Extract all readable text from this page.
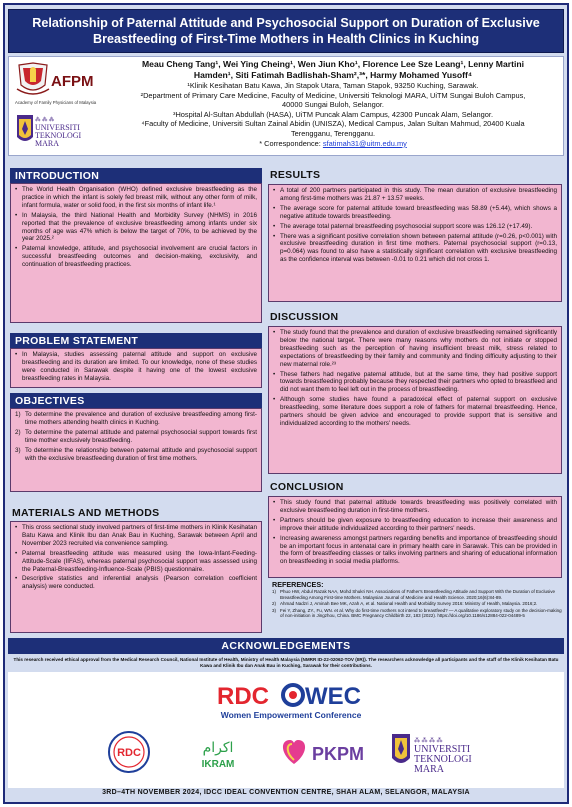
Relationship of Paternal Attitude and Psychosocial Support on Duration of Exclusive
Breastfeeding of First-Time Mothers in Health Clinics in Kuching
AFPM
Academy of Family Physicians of Malaysia
⁂ ⁂ ⁂
UNIVERSITI
TEKNOLOGI
MARA
Meau Cheng Tang¹, Wei Ying Cheing¹, Wen Jiun Kho¹, Florence Lee Sze Leang¹, Lenny Martini
Hamden¹, Siti Fatimah Badlishah-Sham²,³*, Harmy Mohamed Yusoff⁴
¹Klinik Kesihatan Batu Kawa, Jin Stapok Utara, Taman Stapok, 93250 Kuching, Sarawak.
²Department of Primary Care Medicine, Faculty of Medicine, Universiti Teknologi MARA, UiTM Sungai Buloh Campus,
40000 Sungai Buloh, Selangor.
³Hospital Al-Sultan Abdullah (HASA), UiTM Puncak Alam Campus, 42300 Puncak Alam, Selangor.
⁴Faculty of Medicine, Universiti Sultan Zainal Abidin (UNISZA), Medical Campus, Jalan Sultan Mahmud, 20400 Kuala
Terengganu, Terengganu.
* Correspondence: sfatimah31@uitm.edu.my
INTRODUCTION
• The World Health Organisation (WHO) defined exclusive breastfeeding as the practice in which the infant is solely fed breast milk, without any other form of milk, infant formula, water or solid food, in the first six months of infant life.¹
• In Malaysia, the third National Health and Morbidity Survey (NHMS) in 2016 reported that the prevalence of exclusive breastfeeding among infants under six months of age was 47% which is below the target of 70%, to be achieved by the year 2025.²
• Paternal knowledge, attitude, and psychosocial involvement are crucial factors in successful breastfeeding outcomes and decision-making, exclusivity, and continuation of breastfeeding practices.
PROBLEM STATEMENT
• In Malaysia, studies assessing paternal attitude and support on exclusive breastfeeding and its duration are limited. To our knowledge, none of these studies were conducted in Sarawak despite it having one of the lowest exclusive breastfeeding rates in Malaysia.
OBJECTIVES
1) To determine the prevalence and duration of exclusive breastfeeding among first-time mothers attending health clinics in Kuching.
2) To determine the paternal attitude and paternal psychosocial support towards first time mother exclusively breastfeeding.
3) To determine the relationship between paternal attitude and psychosocial support with the exclusive breastfeeding duration of first time mothers.
MATERIALS AND METHODS
• This cross sectional study involved partners of first-time mothers in Klinik Kesihatan Batu Kawa and Klinik Ibu dan Anak Bau in Kuching, Sarawak between April and November 2023 recruited via convenience sampling.
• Paternal breastfeeding attitude was measured using the Iowa-Infant-Feeding-Attitude-Scale (IIFAS), whereas paternal psychosocial support was assessed using the Paternal-Breastfeeding-Influence-Scale (PBIS) questionnaire.
• Descriptive statistics and inferential analysis (Pearson correlation coefficient analysis) were conducted.
RESULTS
• A total of 200 partners participated in this study. The mean duration of exclusive breastfeeding among first-time mothers was 21.87 + 13.57 weeks.
• The average score for paternal attitude toward breastfeeding was 58.89 (+5.44), which shows a negative attitude towards breastfeeding.
• The average total paternal breastfeeding psychosocial support score was 126.12 (+17.49).
• There was a significant positive correlation shown between paternal attitude (r=0.26, p<0.001) with exclusive breastfeeding duration in first time mothers. Paternal psychosocial support (r=0.13, p=0.064) was found to also have a statistically significant correlation with exclusive breastfeeding as the confidence interval was between -0.01 to 0.21 which did not cross 1.
DISCUSSION
• The study found that the prevalence and duration of exclusive breastfeeding remained significantly below the national target. There were many reasons why mothers do not initiate or stopped breastfeeding such as the perception of having insufficient breast milk, stress related to expectations of breastfeeding by their family and community and finding difficulty adjusting to their new maternal role.²³
• These fathers had negative paternal attitude, but at the same time, they had positive support towards breastfeeding probably because they respected their partners who opted to breastfeed and did not want them to feel left out in the process of breastfeeding.
• Although some studies have found a paradoxical effect of paternal support on exclusive breastfeeding, some literature does support a role of fathers for maternal breastfeeding. Hence, partners should be given advice and encouraged to provide support that is sensitive and individualized according to the mothers' needs.
CONCLUSION
• This study found that paternal attitude towards breastfeeding was positively correlated with exclusive breastfeeding duration in first-time mothers.
• Partners should be given exposure to breastfeeding education to increase their awareness and improve their attitude individualized according to their partners' needs.
• Increasing awareness amongst partners regarding benefits and importance of breastfeeding should be an important focus in antenatal care in primary health care in Sarawak. This can be provided in the form of breastfeeding classes or talks involving partners and sharing of educational information on breastfeeding in social media platforms.
REFERENCES:
1) Phuo HW, Abdul Razak NAA, Mohd Shukri NH. Associations of Father's Breastfeeding Attitude and Support With the Duration of Exclusive Breastfeeding Among First-time Mothers. Malaysian Journal of Medicine and Health Science. 2020;16(6):84-89.
2) Ahmad Nadzri J, Aminah Bee MK, Azah A, et al. National Health and Morbidity Survey 2016: Ministry of Health, Malaysia. 2016;2.
3) Fei Y, Zhang, ZY., Fu, WN. et al. Why do first-time mothers not intend to breastfeed? — A qualitative exploratory study on the decision-making of non-initiation in Jingzhou, China. BMC Pregnancy Childbirth 22, 183 (2022). https://doi.org/10.1186/s12884-022-04489-5
ACKNOWLEDGEMENTS
This research received ethical approval from the Medical Research Council, National Institute of Health, Ministry of Health Malaysia (NMRR ID-22-02062-TOV (IIR)). The researchers acknowledge all participants and the staff of the Klinik Kesihatan Batu Kawa and Klinik Ibu dan Anak Bau in Kuching, Sarawak for their contributions.
RDC WEC
Women Empowerment Conference
RDC	اكرام
IKRAM
PKPM
⁂ ⁂ ⁂ ⁂
UNIVERSITI
TEKNOLOGI
MARA
3RD–4TH NOVEMBER 2024, IDCC IDEAL CONVENTION CENTRE, SHAH ALAM, SELANGOR, MALAYSIA
